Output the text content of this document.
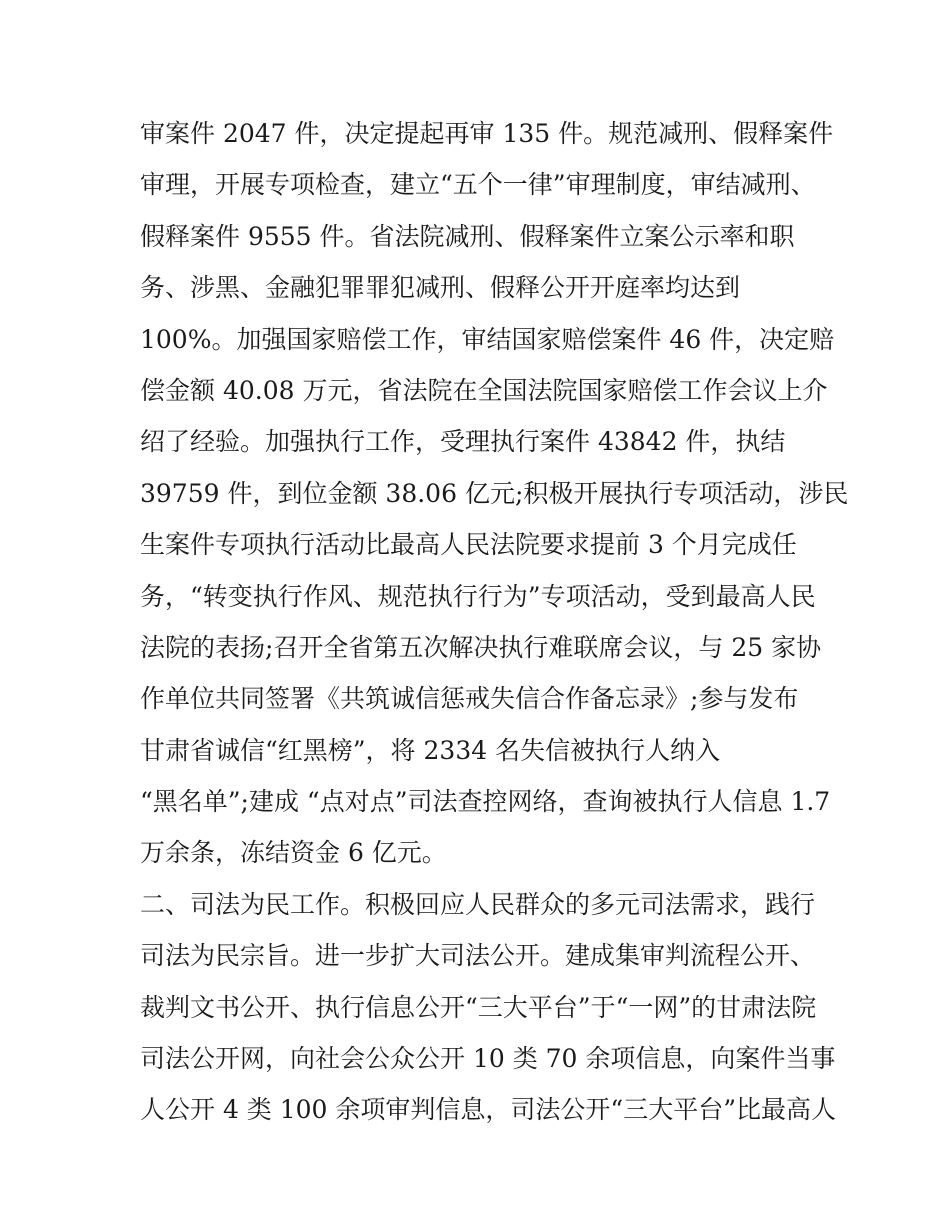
审案件 2047 件，决定提起再审 135 件。规范减刑、假释案件
审理，开展专项检查，建立“五个一律”审理制度，审结减刑、
假释案件 9555 件。省法院减刑、假释案件立案公示率和职
务、涉黑、金融犯罪罪犯减刑、假释公开开庭率均达到
100%。加强国家赔偿工作，审结国家赔偿案件 46 件，决定赔
偿金额 40.08 万元，省法院在全国法院国家赔偿工作会议上介
绍了经验。加强执行工作，受理执行案件 43842 件，执结
39759 件，到位金额 38.06 亿元;积极开展执行专项活动，涉民
生案件专项执行活动比最高人民法院要求提前 3 个月完成任
务，“转变执行作风、规范执行行为”专项活动，受到最高人民
法院的表扬;召开全省第五次解决执行难联席会议，与 25 家协
作单位共同签署《共筑诚信惩戒失信合作备忘录》;参与发布
甘肃省诚信“红黑榜”，将 2334 名失信被执行人纳入
“黑名单”;建成 “点对点”司法查控网络，查询被执行人信息 1.7
万余条，冻结资金 6 亿元。
二、司法为民工作。积极回应人民群众的多元司法需求，践行
司法为民宗旨。进一步扩大司法公开。建成集审判流程公开、
裁判文书公开、执行信息公开“三大平台”于“一网”的甘肃法院
司法公开网，向社会公众公开 10 类 70 余项信息，向案件当事
人公开 4 类 100 余项审判信息，司法公开“三大平台”比最高人
